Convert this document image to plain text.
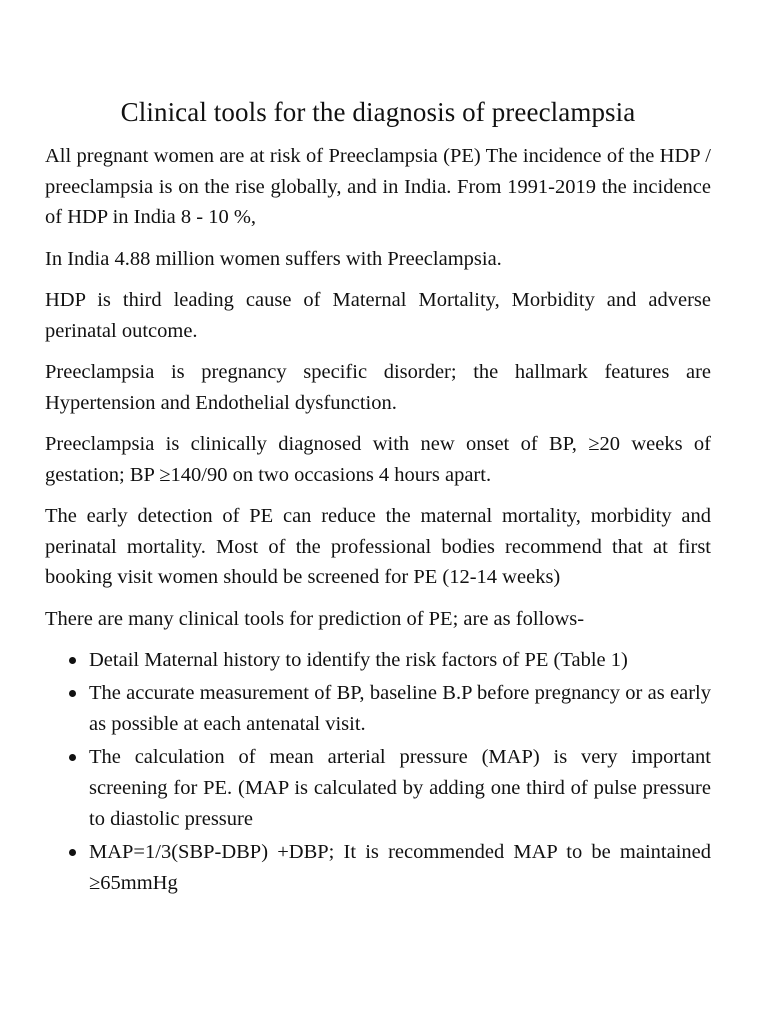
Clinical tools for the diagnosis of preeclampsia

All pregnant women are at risk of Preeclampsia (PE) The incidence of the HDP / preeclampsia is on the rise globally, and in India. From 1991-2019 the incidence of HDP in India 8 - 10 %,

In India 4.88 million women suffers with Preeclampsia.

HDP is third leading cause of Maternal Mortality, Morbidity and adverse perinatal outcome.

Preeclampsia is pregnancy specific disorder; the hallmark features are Hypertension and Endothelial dysfunction.

Preeclampsia is clinically diagnosed with new onset of BP, ≥20 weeks of gestation; BP ≥140/90 on two occasions 4 hours apart.

The early detection of PE can reduce the maternal mortality, morbidity and perinatal mortality. Most of the professional bodies recommend that at first booking visit women should be screened for PE (12-14 weeks)

There are many clinical tools for prediction of PE; are as follows-

Detail Maternal history to identify the risk factors of PE (Table 1)
The accurate measurement of BP, baseline B.P before pregnancy or as early as possible at each antenatal visit.
The calculation of mean arterial pressure (MAP) is very important screening for PE. (MAP is calculated by adding one third of pulse pressure to diastolic pressure
MAP=1/3(SBP-DBP) +DBP; It is recommended MAP to be maintained ≥65mmHg
